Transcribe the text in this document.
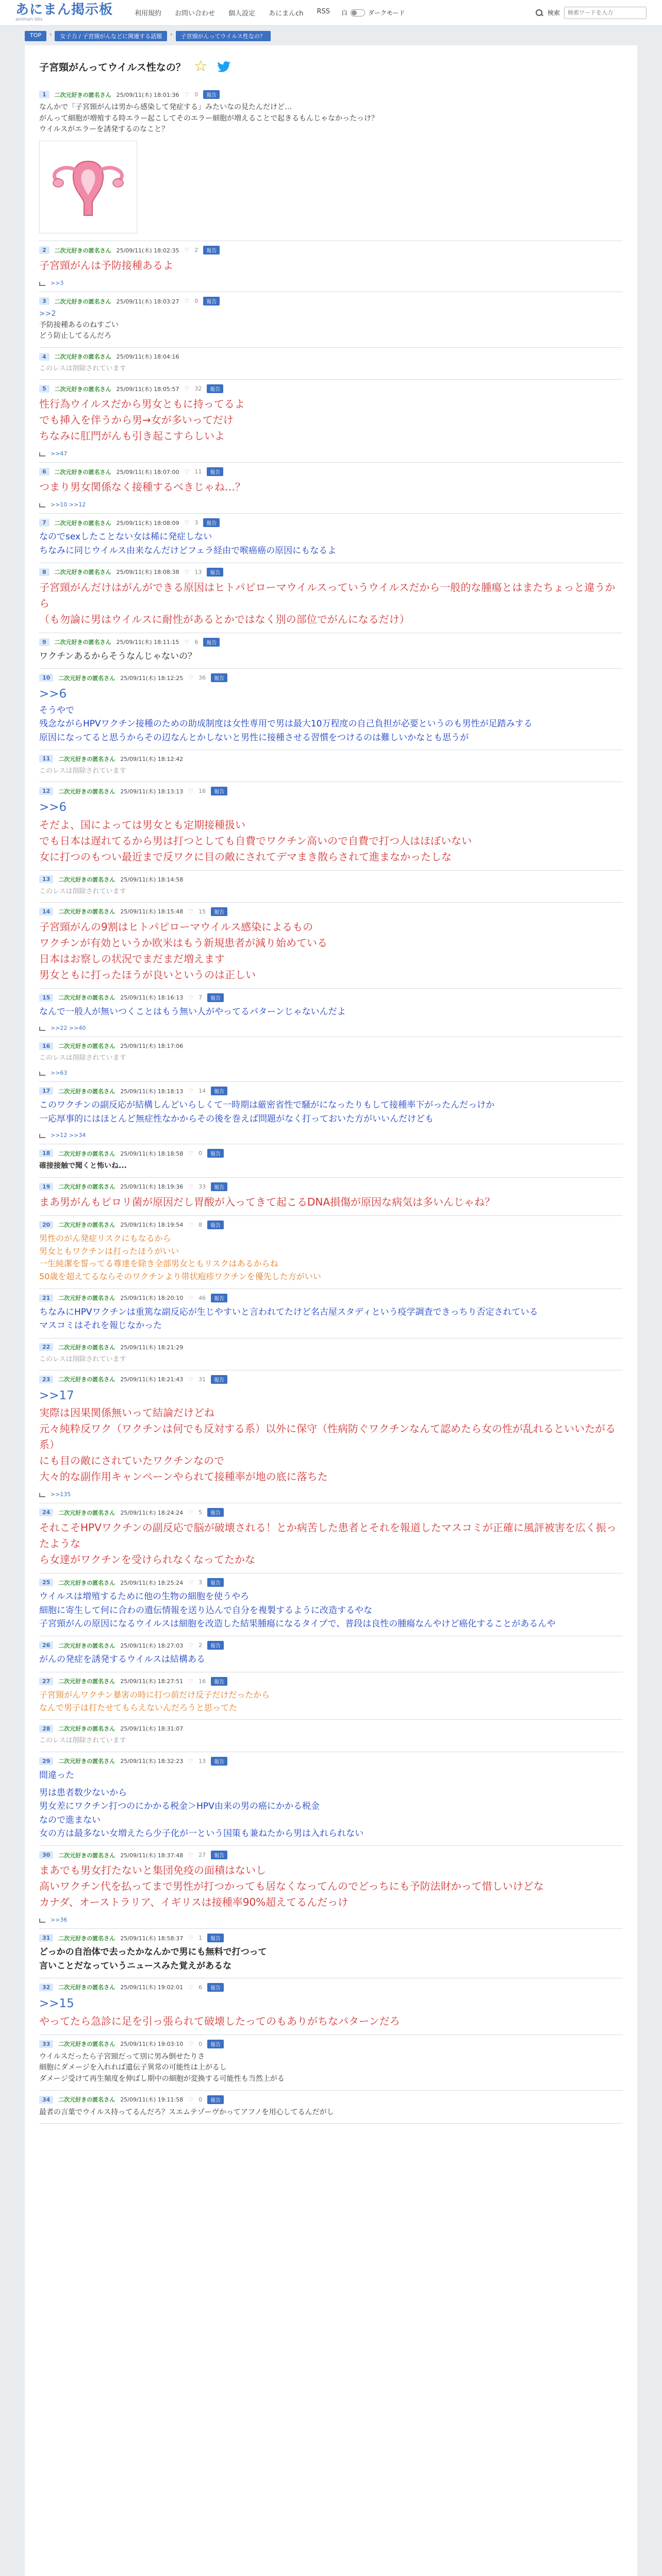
あにまん掲示板
animan bbs
利用規約 お問い合わせ 個人設定 あにまんch RSS 白	ダークモード	検索
検索ワードを入力
TOP	›	女子力 / 子宮頸がんなどに関連する話題	›	子宮頸がんってウイルス性なの？
子宮頸がんってウイルス性なの？ ☆
1	二次元好きの匿名さん 25/09/11(木) 18:01:36 ♡ 0	報告
なんかで「子宮頸がんは男から感染して発症する」みたいなの見たんだけど…
がんって細胞が増殖する時エラー起こしてそのエラー細胞が増えることで起きるもんじゃなかったっけ？
ウイルスがエラーを誘発するのなこと？
2	二次元好きの匿名さん 25/09/11(木) 18:02:35 ♡ 2	報告
子宮頸がんは予防接種あるよ
>>3
3	二次元好きの匿名さん 25/09/11(木) 18:03:27 ♡ 0	報告
>>2
予防接種あるのねすごい
どう防止してるんだろ
4	二次元好きの匿名さん 25/09/11(木) 18:04:16
このレスは削除されています
5	二次元好きの匿名さん 25/09/11(木) 18:05:57 ♡ 32	報告
性行為ウイルスだから男女ともに持ってるよ
でも挿入を伴うから男→女が多いってだけ
ちなみに肛門がんも引き起こすらしいよ
>>47
6	二次元好きの匿名さん 25/09/11(木) 18:07:00 ♡ 11	報告
つまり男女関係なく接種するべきじゃね…？
>>10 >>12
7	二次元好きの匿名さん 25/09/11(木) 18:08:09 ♡ 3	報告
なのでsexしたことない女は稀に発症しない
ちなみに同じウイルス由来なんだけどフェラ経由で喉癌癌の原因にもなるよ
8	二次元好きの匿名さん 25/09/11(木) 18:08:38 ♡ 13	報告
子宮頸がんだけはがんができる原因はヒトパピローマウイルスっていうウイルスだから一般的な腫瘍とはまたちょっと違うから
（も勿論に男はウイルスに耐性があるとかではなく別の部位でがんになるだけ）
9	二次元好きの匿名さん 25/09/11(木) 18:11:15 ♡ 6	報告
ワクチンあるからそうなんじゃないの？
10	二次元好きの匿名さん 25/09/11(木) 18:12:25 ♡ 36	報告
>>6
そうやで
残念ながらHPVワクチン接種のための助成制度は女性専用で男は最大10万程度の自己負担が必要というのも男性が足踏みする
原因になってると思うからその辺なんとかしないと男性に接種させる習慣をつけるのは難しいかなとも思うが
11	二次元好きの匿名さん 25/09/11(木) 18:12:42
このレスは削除されています
12	二次元好きの匿名さん 25/09/11(木) 18:13:13 ♡ 16	報告
>>6
そだよ、国によっては男女とも定期接種扱い
でも日本は遅れてるから男は打つとしても自費でワクチン高いので自費で打つ人はほぼいない
女に打つのもつい最近まで反ワクに目の敵にされてデマまき散らされて進まなかったしな
13	二次元好きの匿名さん 25/09/11(木) 18:14:58
このレスは削除されています
14	二次元好きの匿名さん 25/09/11(木) 18:15:48 ♡ 15	報告
子宮頸がんの9割はヒトパピローマウイルス感染によるもの
ワクチンが有効というか欧米はもう新規患者が減り始めている
日本はお察しの状況でまだまだ増えます
男女ともに打ったほうが良いというのは正しい
15	二次元好きの匿名さん 25/09/11(木) 18:16:13 ♡ 7	報告
なんで一般人が無いつくことはもう無い人がやってるパターンじゃないんだよ
>>22 >>40
16	二次元好きの匿名さん 25/09/11(木) 18:17:06
このレスは削除されています
>>63
17	二次元好きの匿名さん 25/09/11(木) 18:18:13 ♡ 14	報告
このワクチンの副反応が結構しんどいらしくて一時期は厳密省性で騒がになったりもして接種率下がったんだっけか
一応厚事的にはほとんど無症性なかからその後を巻えば問題がなく打っておいた方がいいんだけども
>>12 >>34
18	二次元好きの匿名さん 25/09/11(木) 18:18:58 ♡ 0	報告
確接接触で聞くと怖いね...
19	二次元好きの匿名さん 25/09/11(木) 18:19:36 ♡ 33	報告
まあ男がんもピロリ菌が原因だし胃酸が入ってきて起こるDNA損傷が原因な病気は多いんじゃね？
20	二次元好きの匿名さん 25/09/11(木) 18:19:54 ♡ 8	報告
男性のがん発症リスクにもなるから
男女ともワクチンは打ったほうがいい
一生純潔を誓ってる尊達を除き全部男女ともリスクはあるからね
50歳を超えてるならそのワクチンより帯状疱疹ワクチンを優先した方がいい
21	二次元好きの匿名さん 25/09/11(木) 18:20:10 ♡ 46	報告
ちなみにHPVワクチンは重篤な副反応が生じやすいと言われてたけど名古屋スタディという疫学調査できっちり否定されている
マスコミはそれを報じなかった
22	二次元好きの匿名さん 25/09/11(木) 18:21:29
このレスは削除されています
23	二次元好きの匿名さん 25/09/11(木) 18:21:43 ♡ 31	報告
>>17
実際は因果関係無いって結論だけどね
元々純粋反ワク（ワクチンは何でも反対する系）以外に保守（性病防ぐワクチンなんて認めたら女の性が乱れるといいたがる系）
にも目の敵にされていたワクチンなので
大々的な副作用キャンペーンやられて接種率が地の底に落ちた
>>135
24	二次元好きの匿名さん 25/09/11(木) 18:24:24 ♡ 5	報告
それこそHPVワクチンの副反応で脳が破壊される！とか病苦した患者とそれを報道したマスコミが正確に風評被害を広く振ったような
ら女達がワクチンを受けられなくなってたかな
25	二次元好きの匿名さん 25/09/11(木) 18:25:24 ♡ 3	報告
ウイルスは増殖するために他の生物の細胞を使うやろ
細胞に寄生して何に合わの遺伝情報を送り込んで自分を複製するように改造するやな
子宮頸がんの原因になるウイルスは細胞を改造した結果腫瘍になるタイプで、普段は良性の腫瘍なんやけど癌化することがあるんや
26	二次元好きの匿名さん 25/09/11(木) 18:27:03 ♡ 2	報告
がんの発症を誘発するウイルスは結構ある
27	二次元好きの匿名さん 25/09/11(木) 18:27:51 ♡ 16	報告
子宮頸がんワクチン暴害の時に打つ前だけ反子だけだったから
なんで男子は打たせてもらえないんだろうと思ってた
28	二次元好きの匿名さん 25/09/11(木) 18:31:07
このレスは削除されています
29	二次元好きの匿名さん 25/09/11(木) 18:32:23 ♡ 13	報告
間違った
男は患者数少ないから
男女差にワクチン打つのにかかる税金＞HPV由来の男の癌にかかる税金
なので進まない
女の方は最多ない女増えたら少子化が一という国策も兼ねたから男は入れられない
30	二次元好きの匿名さん 25/09/11(木) 18:37:48 ♡ 27	報告
まあでも男女打たないと集団免疫の面積はないし
高いワクチン代を払ってまで男性が打つかっても居なくなってんのでどっちにも予防法財かって惜しいけどな
カナダ、オーストラリア、イギリスは接種率90%超えてるんだっけ
>>36
31	二次元好きの匿名さん 25/09/11(木) 18:58:37 ♡ 1	報告
どっかの自治体で去ったかなんかで男にも無料で打つって
言いことだなっていうニュースみた覚えがあるな
32	二次元好きの匿名さん 25/09/11(木) 19:02:01 ♡ 6	報告
>>15
やってたら急診に足を引っ張られて破壊したってのもありがちなパターンだろ
33	二次元好きの匿名さん 25/09/11(木) 19:03:10 ♡ 0	報告
ウイルスだったら子宮頸だって別に男み倒せたりさ
細胞にダメージを入れれば遺伝子異常の可能性は上がるし
ダメージ受けて再生頻度を伸ばし期中の細胞が変換する可能性も当然上がる
34	二次元好きの匿名さん 25/09/11(木) 19:11:58 ♡ 0	報告
最者の言葉でウイルス持ってるんだろ？スエムテゾーヴかってアフノを用心してるんだがし
